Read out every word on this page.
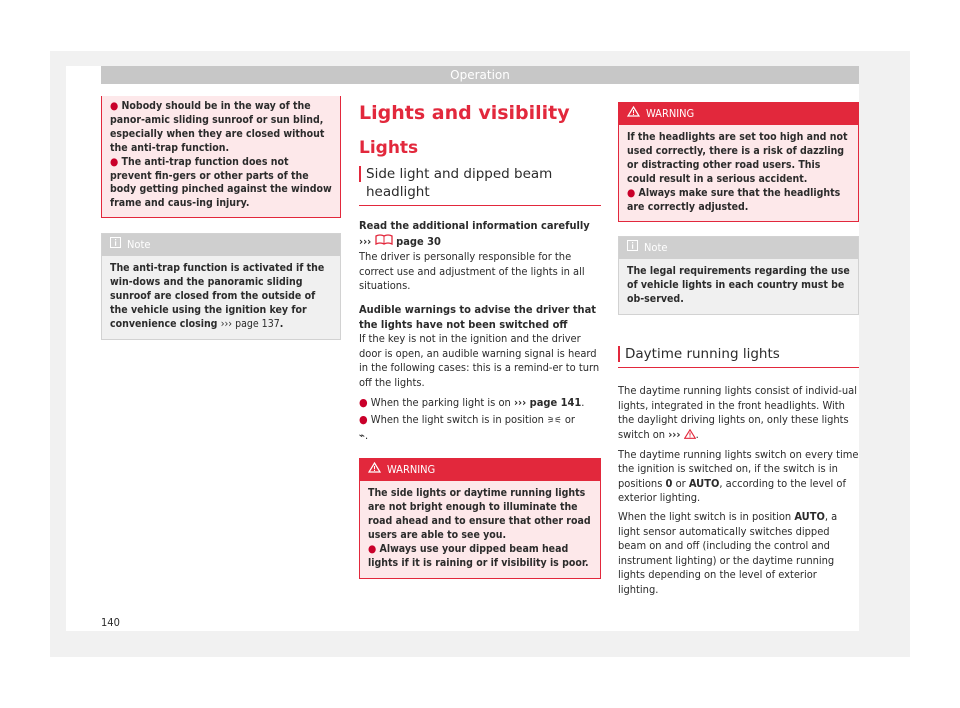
Operation

● Nobody should be in the way of the panor-amic sliding sunroof or sun blind, especially when they are closed without the anti-trap function.

● The anti-trap function does not prevent fin-gers or other parts of the body getting pinched against the window frame and caus-ing injury.

Note
The anti-trap function is activated if the win-dows and the panoramic sliding sunroof are closed from the outside of the vehicle using the ignition key for convenience closing ››› page 137.
Lights and visibility
Lights
Side light and dipped beam headlight

Read the additional information carefully
››› page 30

The driver is personally responsible for the correct use and adjustment of the lights in all situations.

Audible warnings to advise the driver that the lights have not been switched off

If the key is not in the ignition and the driver door is open, an audible warning signal is heard in the following cases: this is a remind-er to turn off the lights.

● When the parking light is on ››› page 141.

● When the light switch is in position ⚞⚟ or
⌁.

WARNING

The side lights or daytime running lights are not bright enough to illuminate the road ahead and to ensure that other road users are able to see you.

● Always use your dipped beam head lights if it is raining or if visibility is poor.

WARNING

If the headlights are set too high and not used correctly, there is a risk of dazzling or distracting other road users. This could result in a serious accident.

● Always make sure that the headlights are correctly adjusted.

Note
The legal requirements regarding the use of vehicle lights in each country must be ob-served.
Daytime running lights

The daytime running lights consist of individ-ual lights, integrated in the front headlights. With the daylight driving lights on, only these lights switch on ››› .

The daytime running lights switch on every time the ignition is switched on, if the switch is in positions 0 or AUTO, according to the level of exterior lighting.

When the light switch is in position AUTO, a light sensor automatically switches dipped beam on and off (including the control and instrument lighting) or the daytime running lights depending on the level of exterior lighting.

140
